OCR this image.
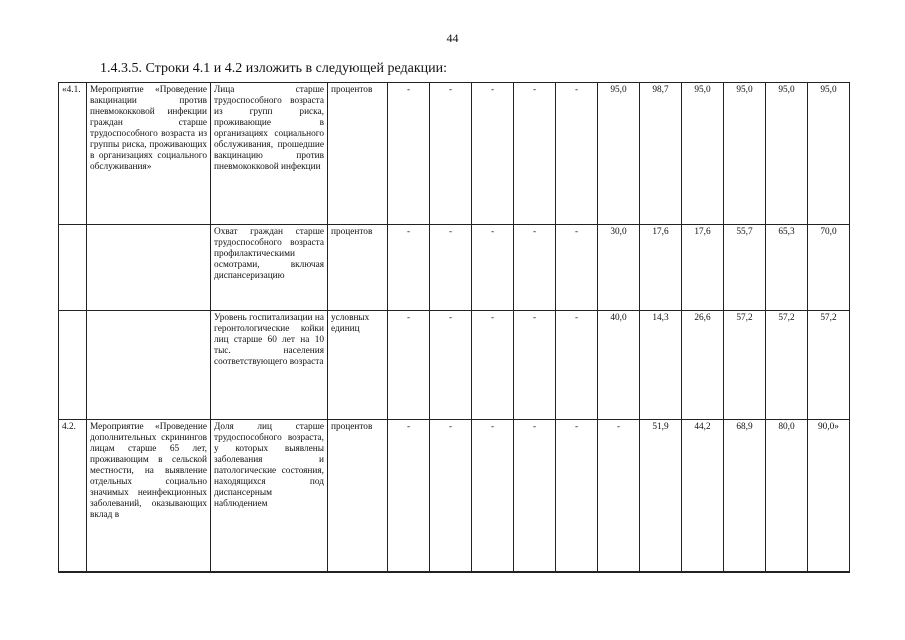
44
1.4.3.5. Строки 4.1 и 4.2 изложить в следующей редакции:
«4.1.	Мероприятие «Проведение вакцинации против пневмококковой инфекции граждан старше трудоспособного возраста из группы риска, проживающих в организациях социального обслуживания»	Лица старше трудоспособного возраста из групп риска, проживающие в организациях социального обслуживания, прошедшие вакцинацию против пневмококковой инфекции	процентов	-	-	-	-	-	95,0	98,7	95,0	95,0	95,0	95,0
		Охват граждан старше трудоспособного возраста профилактическими осмотрами, включая диспансеризацию	процентов	-	-	-	-	-	30,0	17,6	17,6	55,7	65,3	70,0
		Уровень госпитализации на геронтологические койки лиц старше 60 лет на 10 тыс. населения соответствующего возраста	условных единиц	-	-	-	-	-	40,0	14,3	26,6	57,2	57,2	57,2
4.2.	Мероприятие «Проведение дополнительных скринингов лицам старше 65 лет, проживающим в сельской местности, на выявление отдельных социально значимых неинфекционных заболеваний, оказывающих вклад в	Доля лиц старше трудоспособного возраста, у которых выявлены заболевания и патологические состояния, находящихся под диспансерным наблюдением	процентов	-	-	-	-	-	-	51,9	44,2	68,9	80,0	90,0»
